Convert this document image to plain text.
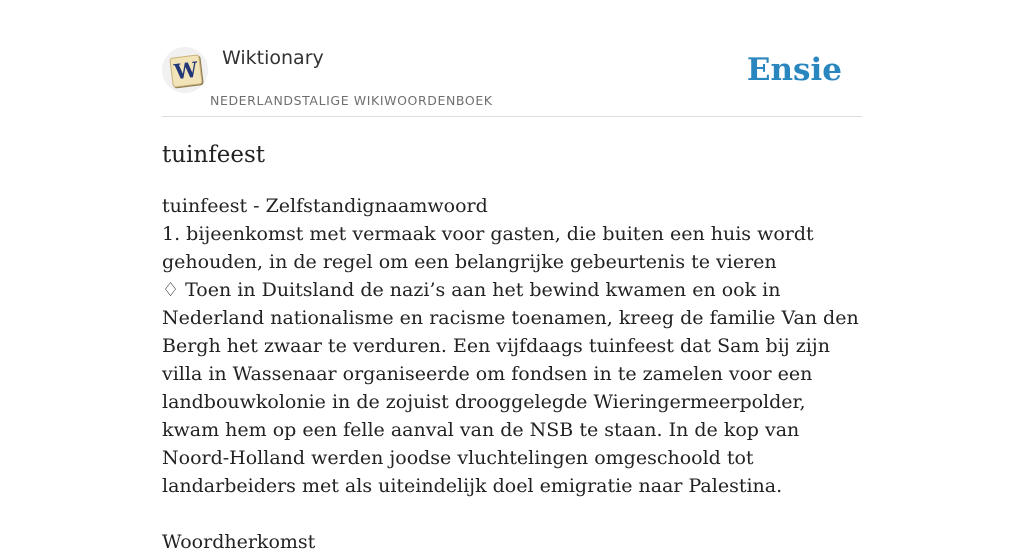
W Wiktionary
NEDERLANDSTALIGE WIKIWOORDENBOEK
Ensie
tuinfeest

tuinfeest - Zelfstandignaamwoord

1. bijeenkomst met vermaak voor gasten, die buiten een huis wordt gehouden, in de regel om een belangrijke gebeurtenis te vieren

♢ Toen in Duitsland de nazi’s aan het bewind kwamen en ook in Nederland nationalisme en racisme toenamen, kreeg de familie Van den Bergh het zwaar te verduren. Een vijfdaags tuinfeest dat Sam bij zijn villa in Wassenaar organiseerde om fondsen in te zamelen voor een landbouwkolonie in de zojuist drooggelegde Wieringermeerpolder, kwam hem op een felle aanval van de NSB te staan. In de kop van Noord-Holland werden joodse vluchtelingen omgeschoold tot landarbeiders met als uiteindelijk doel emigratie naar Palestina.

Woordherkomst
